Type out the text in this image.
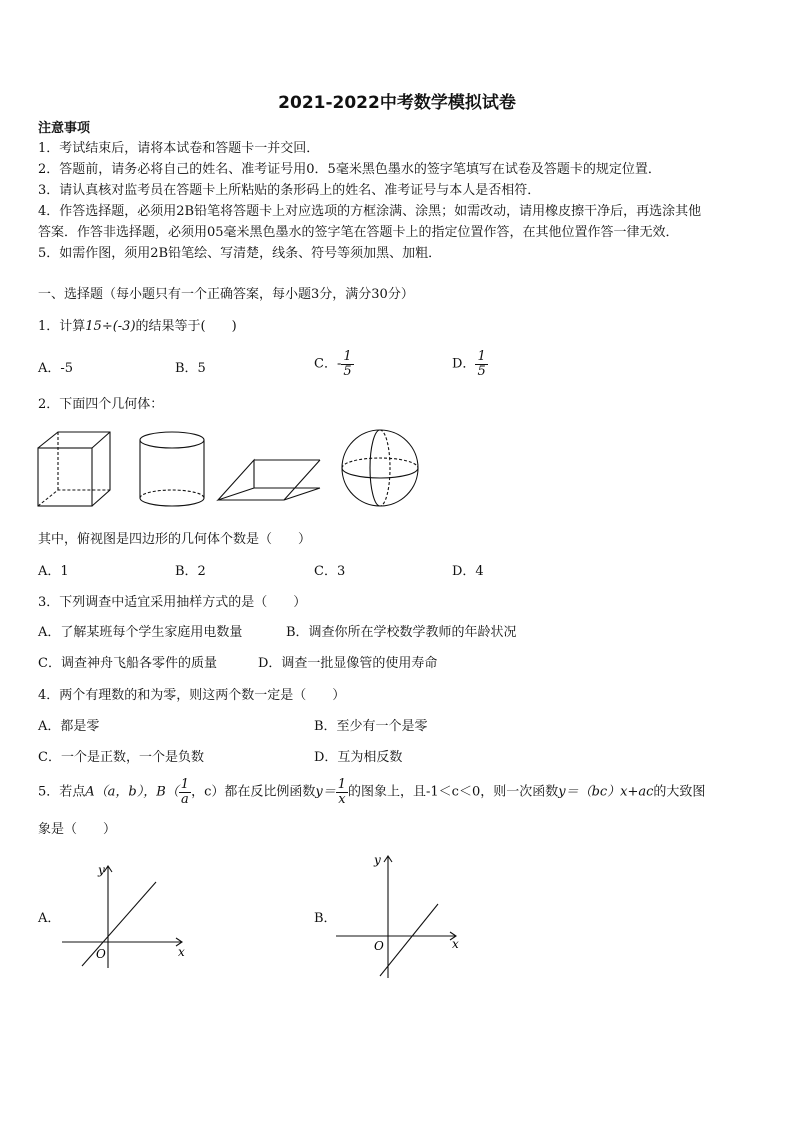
2021-2022中考数学模拟试卷
注意事项
1．考试结束后，请将本试卷和答题卡一并交回．
2．答题前，请务必将自己的姓名、准考证号用0．5毫米黑色墨水的签字笔填写在试卷及答题卡的规定位置．
3．请认真核对监考员在答题卡上所粘贴的条形码上的姓名、准考证号与本人是否相符．
4．作答选择题，必须用2B铅笔将答题卡上对应选项的方框涂满、涂黑；如需改动，请用橡皮擦干净后，再选涂其他
答案．作答非选择题，必须用05毫米黑色墨水的签字笔在答题卡上的指定位置作答，在其他位置作答一律无效．
5．如需作图，须用2B铅笔绘、写清楚，线条、符号等须加黑、加粗．
一、选择题（每小题只有一个正确答案，每小题3分，满分30分）
1．计算15÷(-3)的结果等于(　　)
A．-5	B．5	C．- $\frac{1}{5}$	D． $\frac{1}{5}$
2．下面四个几何体：
其中，俯视图是四边形的几何体个数是（　　）
A．1	B．2	C．3	D．4
3．下列调查中适宜采用抽样方式的是（　　）
A．了解某班每个学生家庭用电数量	B．调查你所在学校数学教师的年龄状况
C．调查神舟飞船各零件的质量	D．调查一批显像管的使用寿命
4．两个有理数的和为零，则这两个数一定是（　　）
A．都是零	B．至少有一个是零
C．一个是正数，一个是负数	D．互为相反数
5．若点A（a，b），$B( \frac{1}{a}$ ，c）都在反比例函数$y= \frac{1}{x}$ 的图象上，且-1＜c＜0，则一次函数y＝（bc）x+ac的大致图
象是（　　）
A．
x
y
O
B．
x
y
O
